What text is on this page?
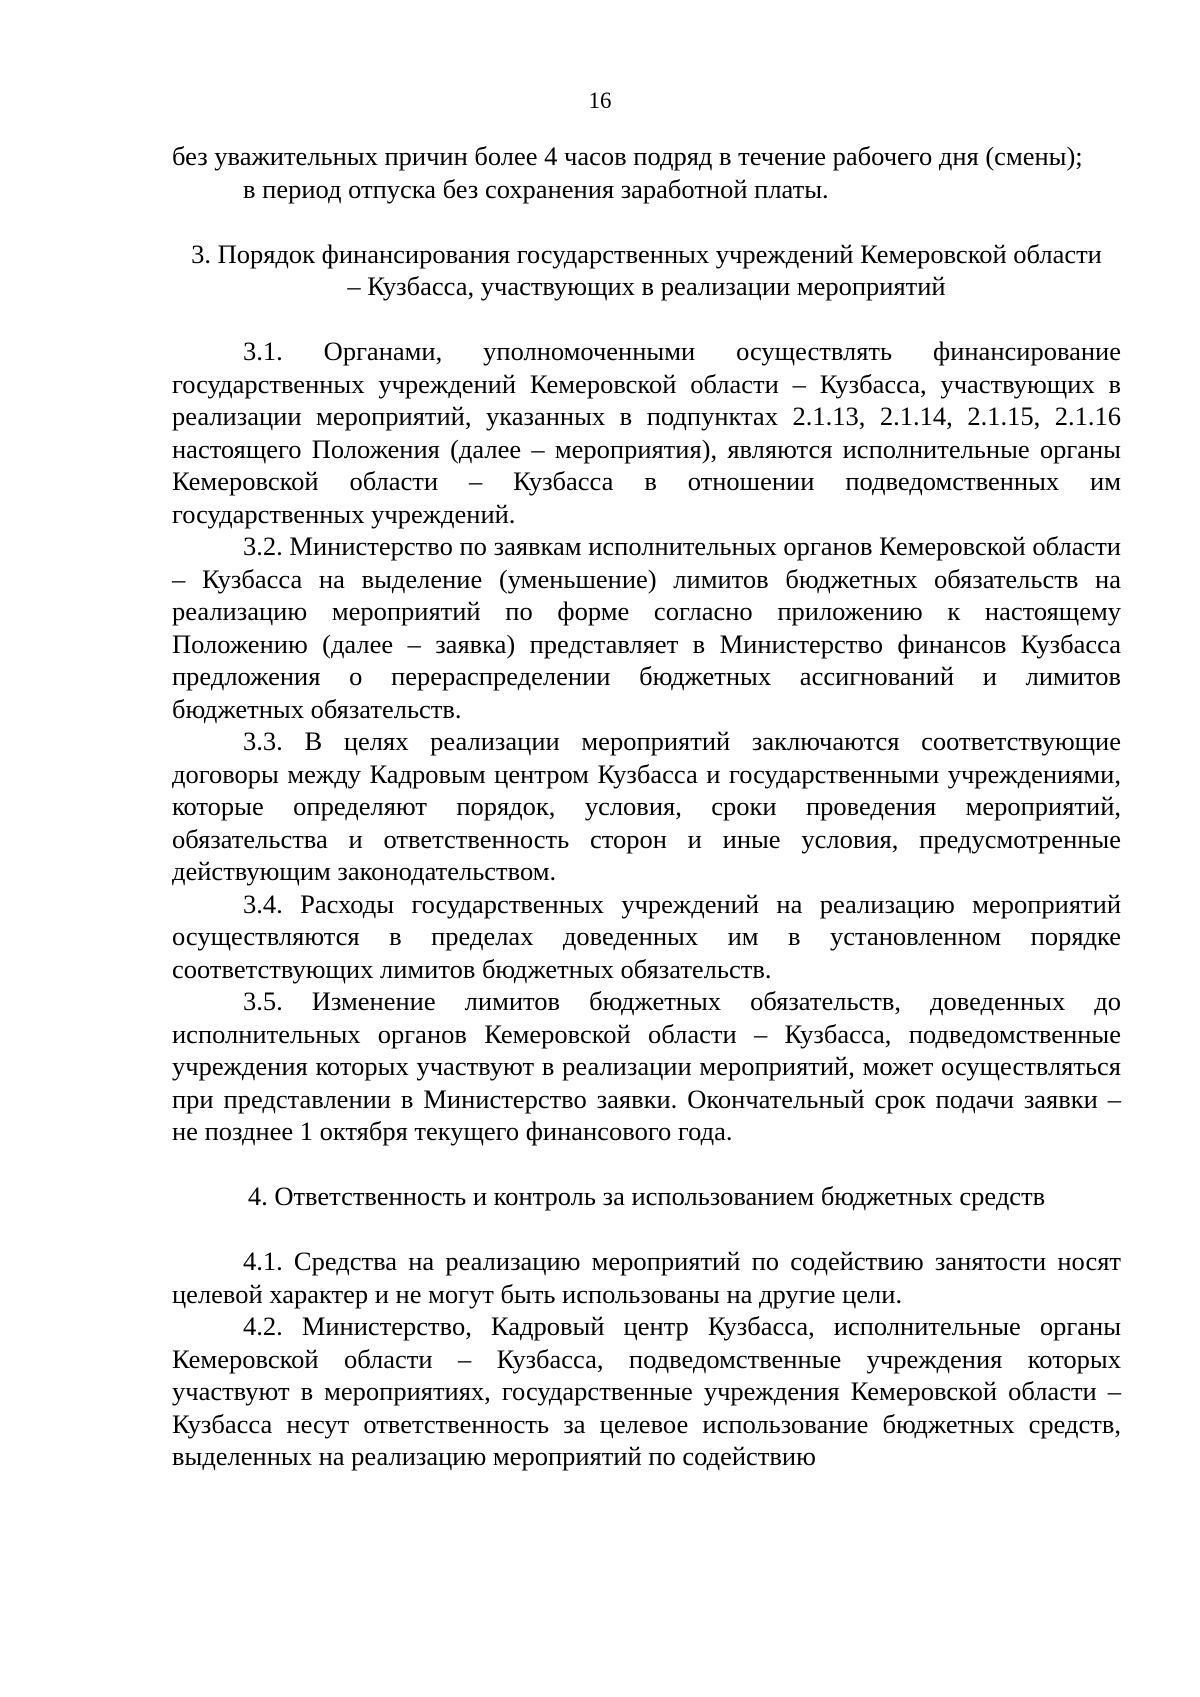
16

без уважительных причин более 4 часов подряд в течение рабочего дня (смены);

в период отпуска без сохранения заработной платы.

3. Порядок финансирования государственных учреждений Кемеровской области – Кузбасса, участвующих в реализации мероприятий

3.1. Органами, уполномоченными осуществлять финансирование государственных учреждений Кемеровской области – Кузбасса, участвующих в реализации мероприятий, указанных в подпунктах 2.1.13, 2.1.14, 2.1.15, 2.1.16 настоящего Положения (далее – мероприятия), являются исполнительные органы Кемеровской области – Кузбасса в отношении подведомственных им государственных учреждений.

3.2. Министерство по заявкам исполнительных органов Кемеровской области – Кузбасса на выделение (уменьшение) лимитов бюджетных обязательств на реализацию мероприятий по форме согласно приложению к настоящему Положению (далее – заявка) представляет в Министерство финансов Кузбасса предложения о перераспределении бюджетных ассигнований и лимитов бюджетных обязательств.

3.3. В целях реализации мероприятий заключаются соответствующие договоры между Кадровым центром Кузбасса и государственными учреждениями, которые определяют порядок, условия, сроки проведения мероприятий, обязательства и ответственность сторон и иные условия, предусмотренные действующим законодательством.

3.4. Расходы государственных учреждений на реализацию мероприятий осуществляются в пределах доведенных им в установленном порядке соответствующих лимитов бюджетных обязательств.

3.5. Изменение лимитов бюджетных обязательств, доведенных до исполнительных органов Кемеровской области – Кузбасса, подведомственные учреждения которых участвуют в реализации мероприятий, может осуществляться при представлении в Министерство заявки. Окончательный срок подачи заявки – не позднее 1 октября текущего финансового года.

4. Ответственность и контроль за использованием бюджетных средств

4.1. Средства на реализацию мероприятий по содействию занятости носят целевой характер и не могут быть использованы на другие цели.

4.2. Министерство, Кадровый центр Кузбасса, исполнительные органы Кемеровской области – Кузбасса, подведомственные учреждения которых участвуют в мероприятиях, государственные учреждения Кемеровской области – Кузбасса несут ответственность за целевое использование бюджетных средств, выделенных на реализацию мероприятий по содействию
